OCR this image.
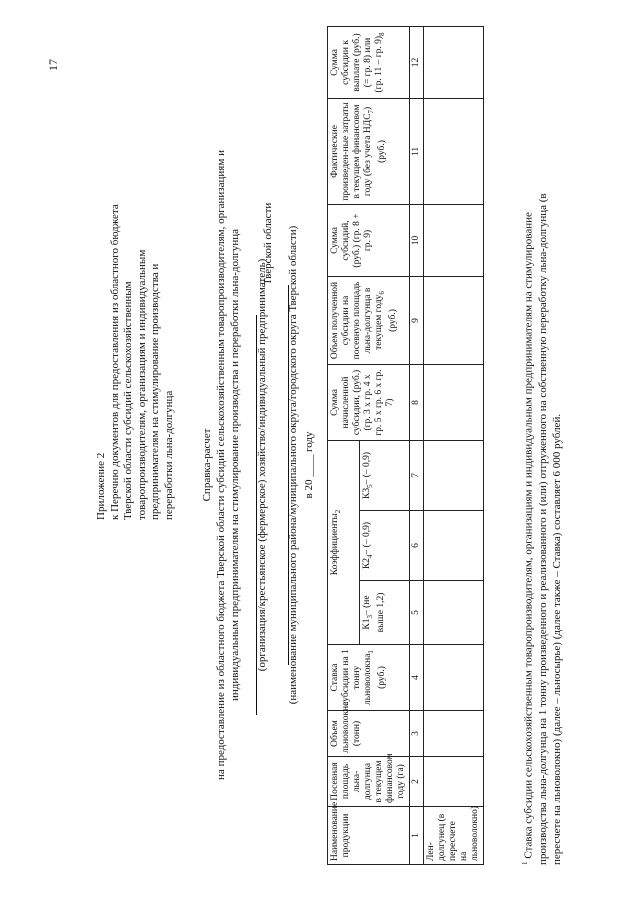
17
Приложение 2 к Перечню документов для предоставления из областного бюджета Тверской области субсидий сельскохозяйственным товаропроизводителям, организациям и индивидуальным предпринимателям на стимулирование производства и переработки льна-долгунца Справка-расчет на предоставление из областного бюджета Тверской области субсидий сельскохозяйственным товаропроизводителям, организациям и индивидуальным предпринимателям на стимулирование производства и переработки льна-долгунца (организация/крестьянское (фермерское) хозяйство/индивидуальный предприниматель)
Тверской области (наименование муниципального района/муниципального округа/городского округа Тверской области) в 20 ____ году
Наименование продукции	Посевная площадь льна-долгунца в текущем финансовом году (га)	Объем льноволокна (тонн)	Ставка субсидии на 1 тонну льноволокна$_1$ (руб.)	Коэффициенты$_2$			Сумма начисленной субсидии, (руб.) (гр. 3 х гр. 4 х гр. 5 х гр. 6 х гр. 7)	Объем полученной субсидии на посевную площадь льна-долгунца в текущем году$_6$ (руб.)	Сумма субсидий, (руб.) (гр. 8 + гр. 9)	Фактические произведен-ные затраты в текущем финансовом году (без учета $НДС_7$) (руб.)	Сумма субсидии к выплате (руб.) (= гр. 8) или (гр. 11 – гр. $9)_8$
				$К1_3-$ (не выше 1,2)	$К2_4-$ (– 0,9)	$К3_5-$ (– 0,9)					
1	2	3	4	5	6	7	8	9	10	11	12
Лен-долгунец (в пересчете на льноволокно)											
$^1$ Ставка субсидии сельскохозяйственным товаропроизводителям, организациям и индивидуальным предпринимателям на стимулирование производства льна-долгунца на 1 тонну произведенного и реализованного и (или) отгруженного на собственную переработку льна-долгунца (в пересчете на льноволокно) (далее – льносырье) (далее также – Ставка) составляет 6 000 рублей.
